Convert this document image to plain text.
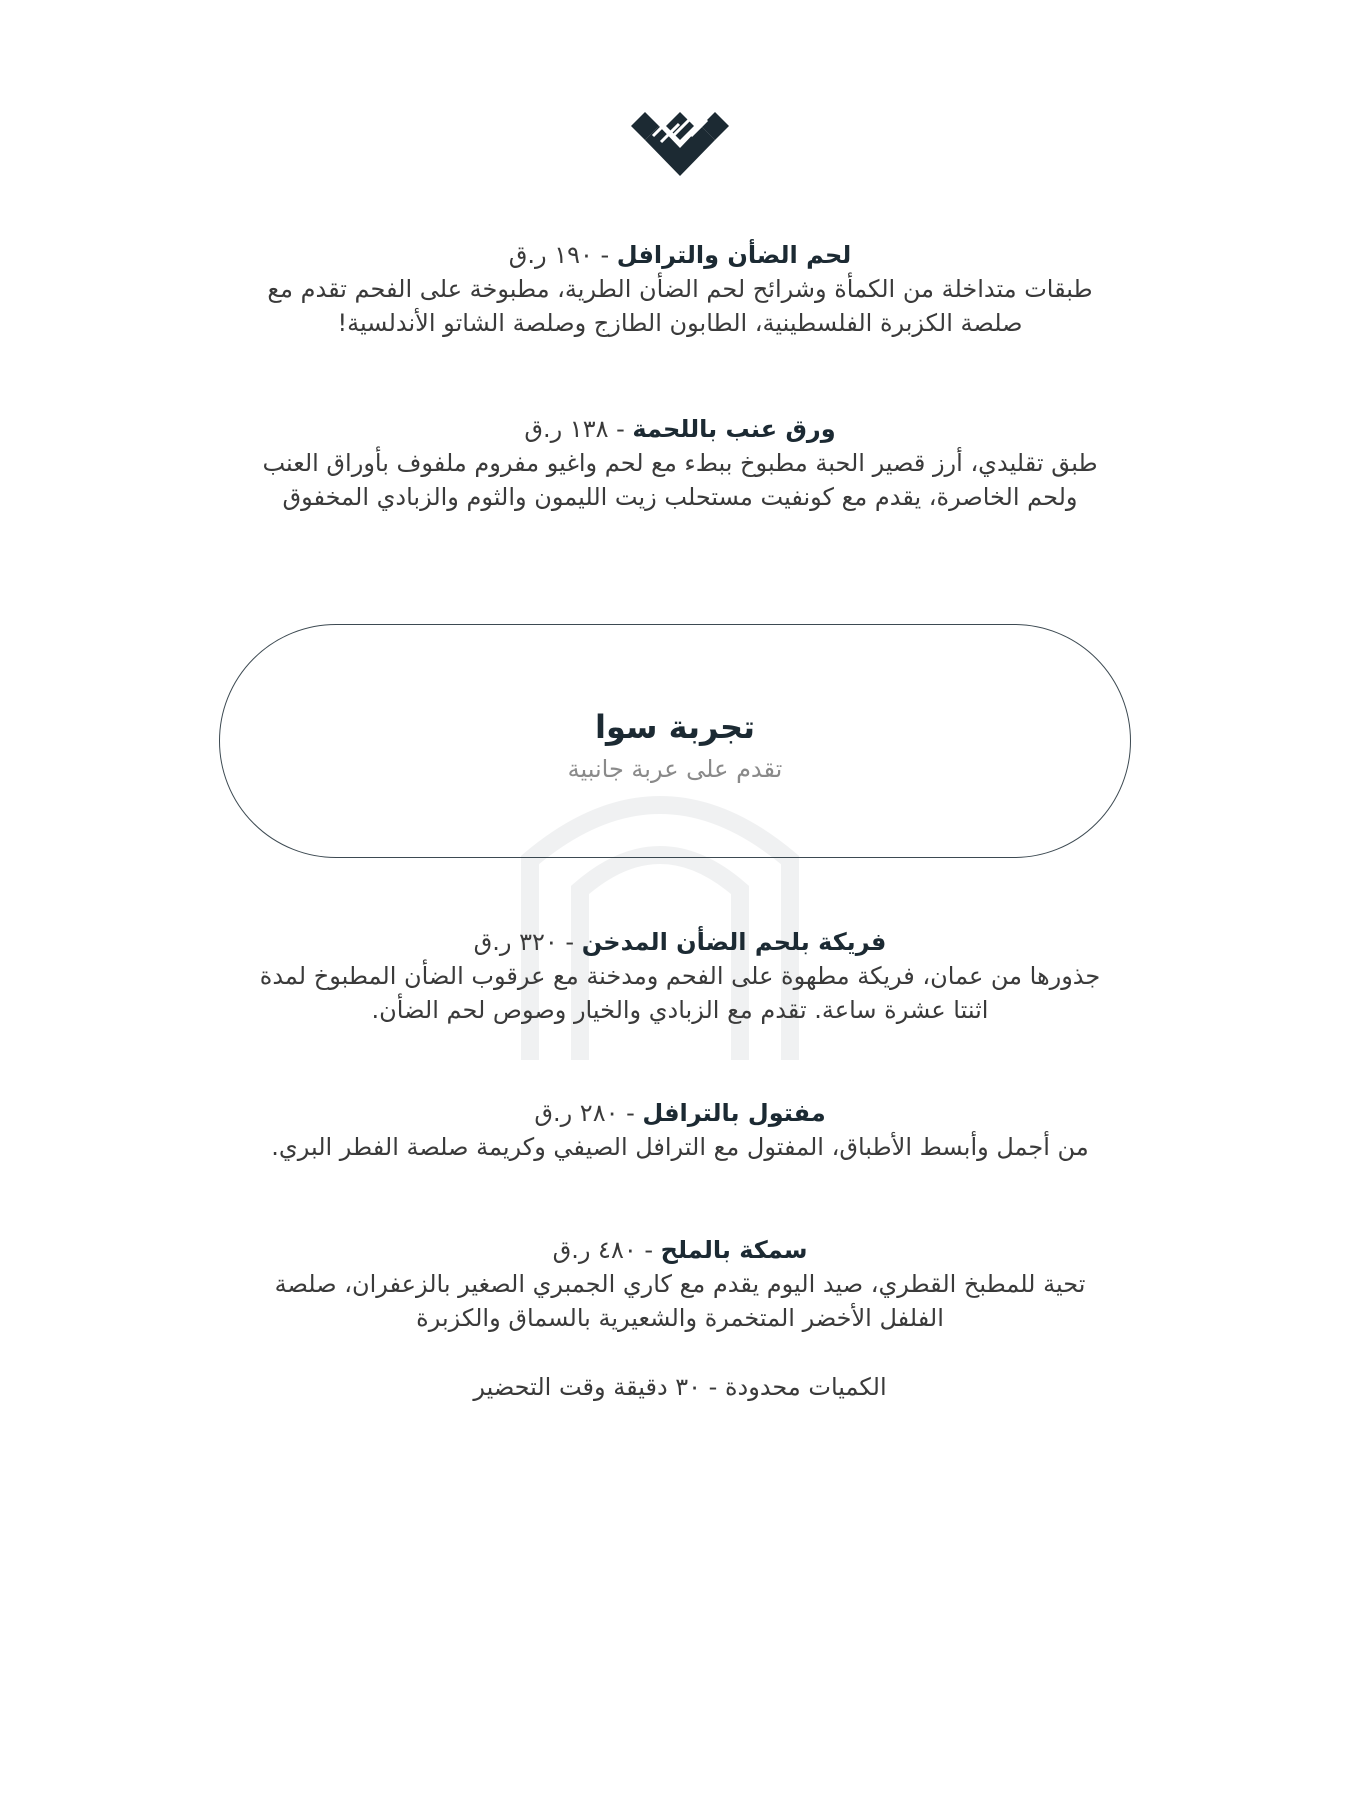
لحم الضأن والترافل - ١٩٠ ر.ق
طبقات متداخلة من الكمأة وشرائح لحم الضأن الطرية، مطبوخة على الفحم تقدم مع صلصة الكزبرة الفلسطينية، الطابون الطازج وصلصة الشاتو الأندلسية!
ورق عنب باللحمة - ١٣٨ ر.ق
طبق تقليدي، أرز قصير الحبة مطبوخ ببطء مع لحم واغيو مفروم ملفوف بأوراق العنب ولحم الخاصرة، يقدم مع كونفيت مستحلب زيت الليمون والثوم والزبادي المخفوق
تجربة سوا
تقدم على عربة جانبية
فريكة بلحم الضأن المدخن - ٣٢٠ ر.ق
جذورها من عمان، فريكة مطهوة على الفحم ومدخنة مع عرقوب الضأن المطبوخ لمدة اثنتا عشرة ساعة. تقدم مع الزبادي والخيار وصوص لحم الضأن.
مفتول بالترافل - ٢٨٠ ر.ق
من أجمل وأبسط الأطباق، المفتول مع الترافل الصيفي وكريمة صلصة الفطر البري.
سمكة بالملح - ٤٨٠ ر.ق
تحية للمطبخ القطري، صيد اليوم يقدم مع كاري الجمبري الصغير بالزعفران، صلصة الفلفل الأخضر المتخمرة والشعيرية بالسماق والكزبرة
الكميات محدودة - ٣٠ دقيقة وقت التحضير
